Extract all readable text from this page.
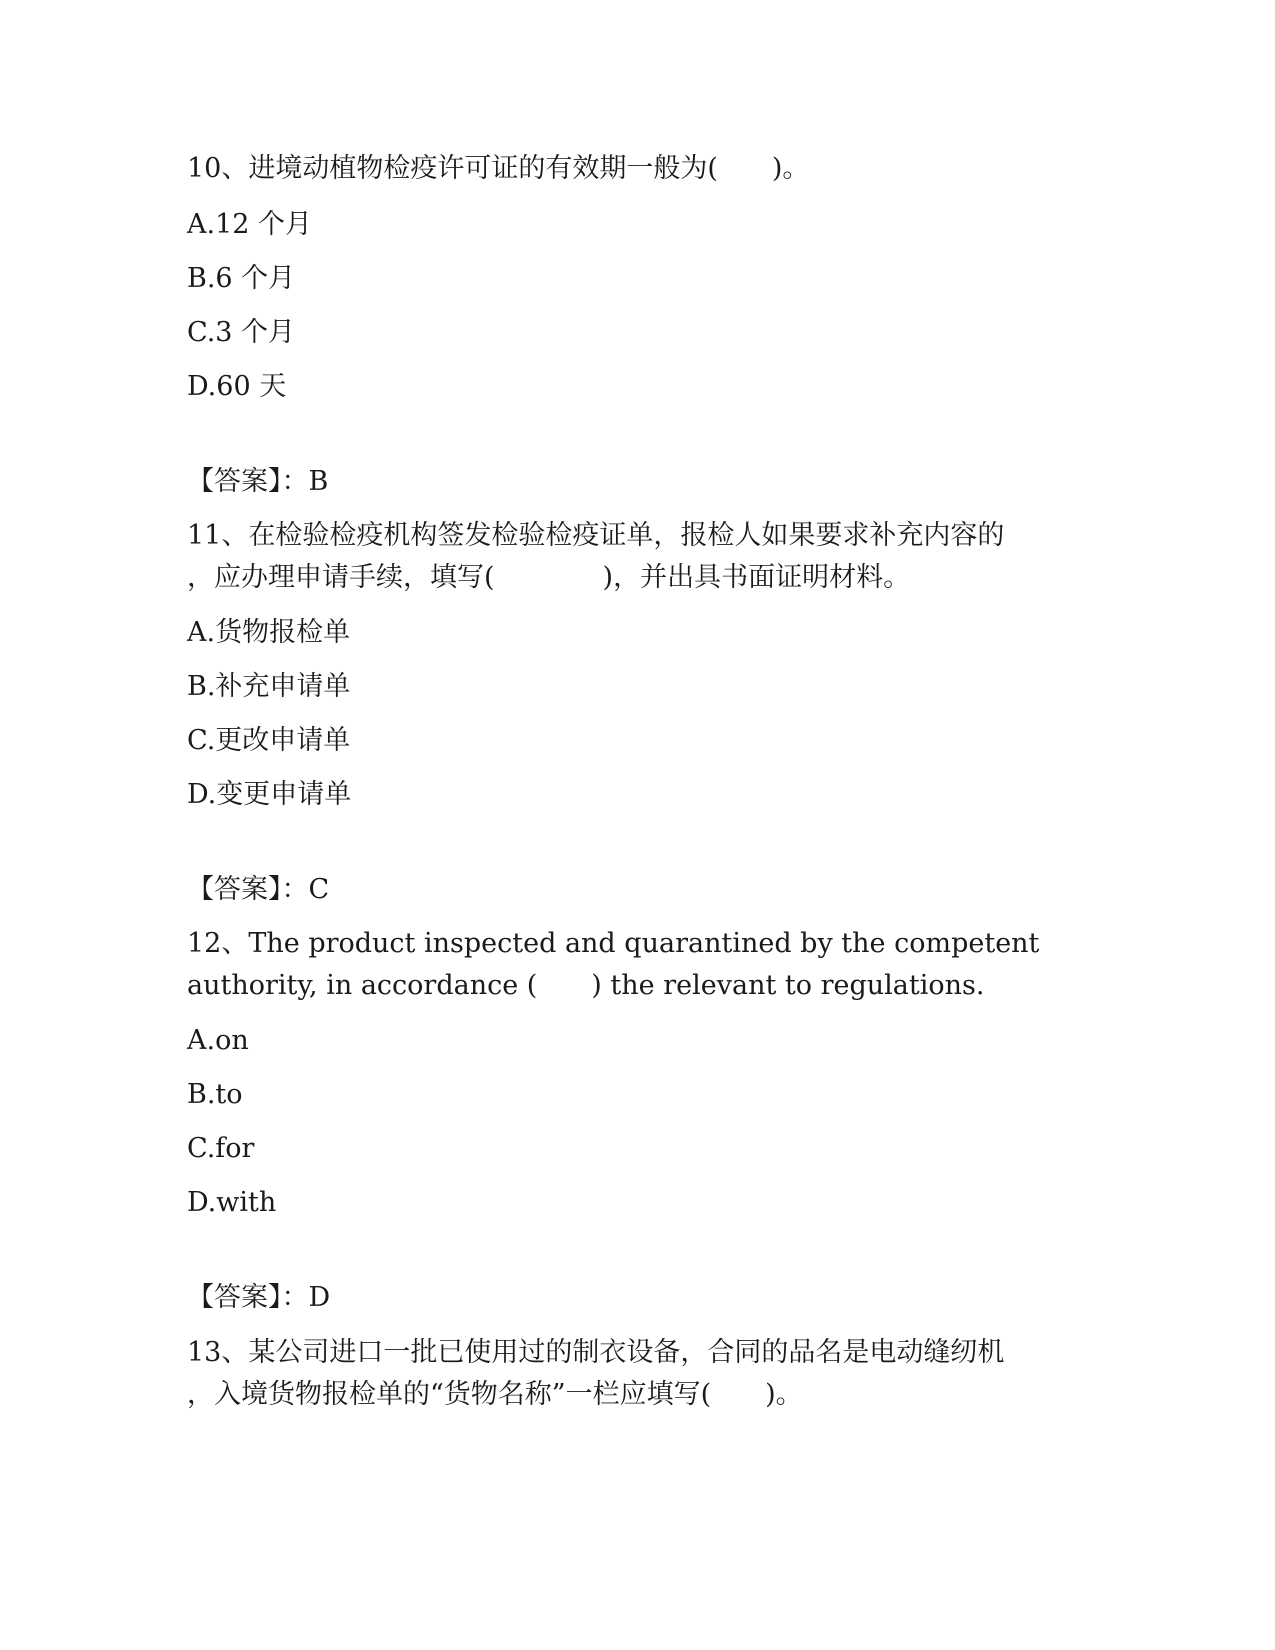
10、进境动植物检疫许可证的有效期一般为(　　)。
A.12 个月
B.6 个月
C.3 个月
D.60 天
【答案】：B
11、在检验检疫机构签发检验检疫证单，报检人如果要求补充内容的
，应办理申请手续，填写(　　　　)，并出具书面证明材料。
A.货物报检单
B.补充申请单
C.更改申请单
D.变更申请单
【答案】：C
12、The product inspected and quarantined by the competent
authority, in accordance (　　) the relevant to regulations.
A.on
B.to
C.for
D.with
【答案】：D
13、某公司进口一批已使用过的制衣设备，合同的品名是电动缝纫机
，入境货物报检单的“货物名称”一栏应填写(　　)。
